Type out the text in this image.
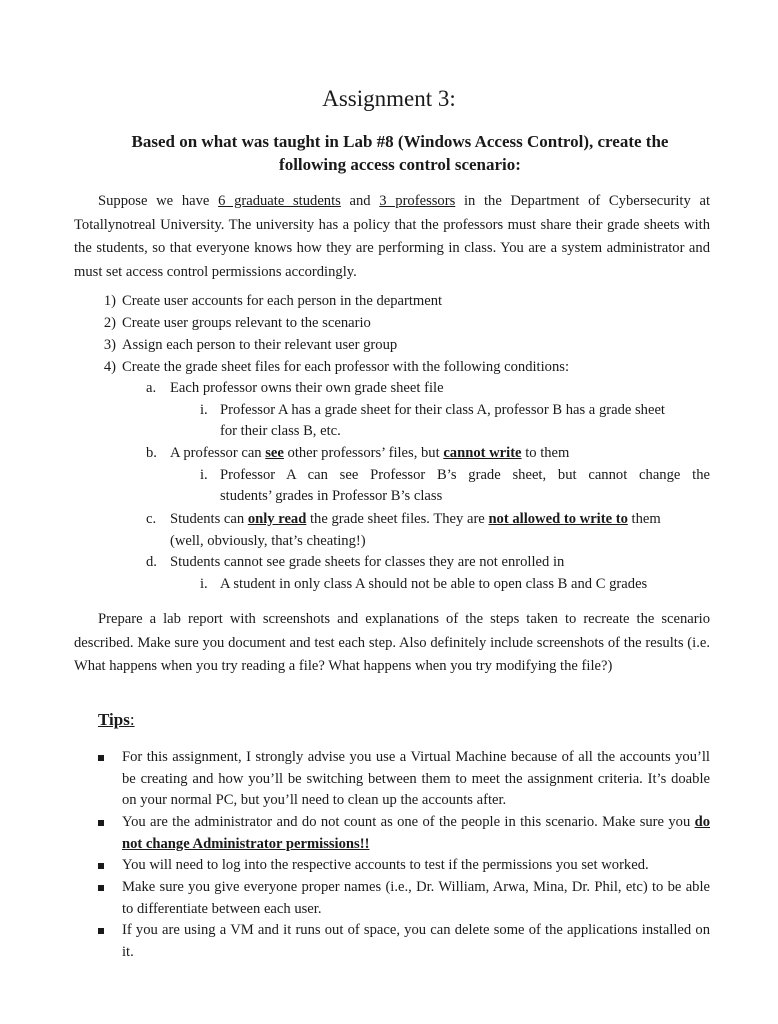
Assignment 3:
Based on what was taught in Lab #8 (Windows Access Control), create the
following access control scenario:

Suppose we have 6 graduate students and 3 professors in the Department of Cybersecurity at Totallynotreal University. The university has a policy that the professors must share their grade sheets with the students, so that everyone knows how they are performing in class. You are a system administrator and must set access control permissions accordingly.

1) Create user accounts for each person in the department
2) Create user groups relevant to the scenario
3) Assign each person to their relevant user group
4) Create the grade sheet files for each professor with the following conditions:
a. Each professor owns their own grade sheet file
i. Professor A has a grade sheet for their class A, professor B has a grade sheet
for their class B, etc.
b. A professor can see other professors’ files, but cannot write to them
i. Professor A can see Professor B’s grade sheet, but cannot change the
students’ grades in Professor B’s class
c. Students can only read the grade sheet files. They are not allowed to write to them
(well, obviously, that’s cheating!)
d. Students cannot see grade sheets for classes they are not enrolled in
i. A student in only class A should not be able to open class B and C grades

Prepare a lab report with screenshots and explanations of the steps taken to recreate the scenario described. Make sure you document and test each step. Also definitely include screenshots of the results (i.e. What happens when you try reading a file? What happens when you try modifying the file?)

Tips:

For this assignment, I strongly advise you use a Virtual Machine because of all the accounts you’ll be creating and how you’ll be switching between them to meet the assignment criteria. It’s doable on your normal PC, but you’ll need to clean up the accounts after.

You are the administrator and do not count as one of the people in this scenario. Make sure you do not change Administrator permissions!!

You will need to log into the respective accounts to test if the permissions you set worked.

Make sure you give everyone proper names (i.e., Dr. William, Arwa, Mina, Dr. Phil, etc) to be able to differentiate between each user.

If you are using a VM and it runs out of space, you can delete some of the applications installed on it.
